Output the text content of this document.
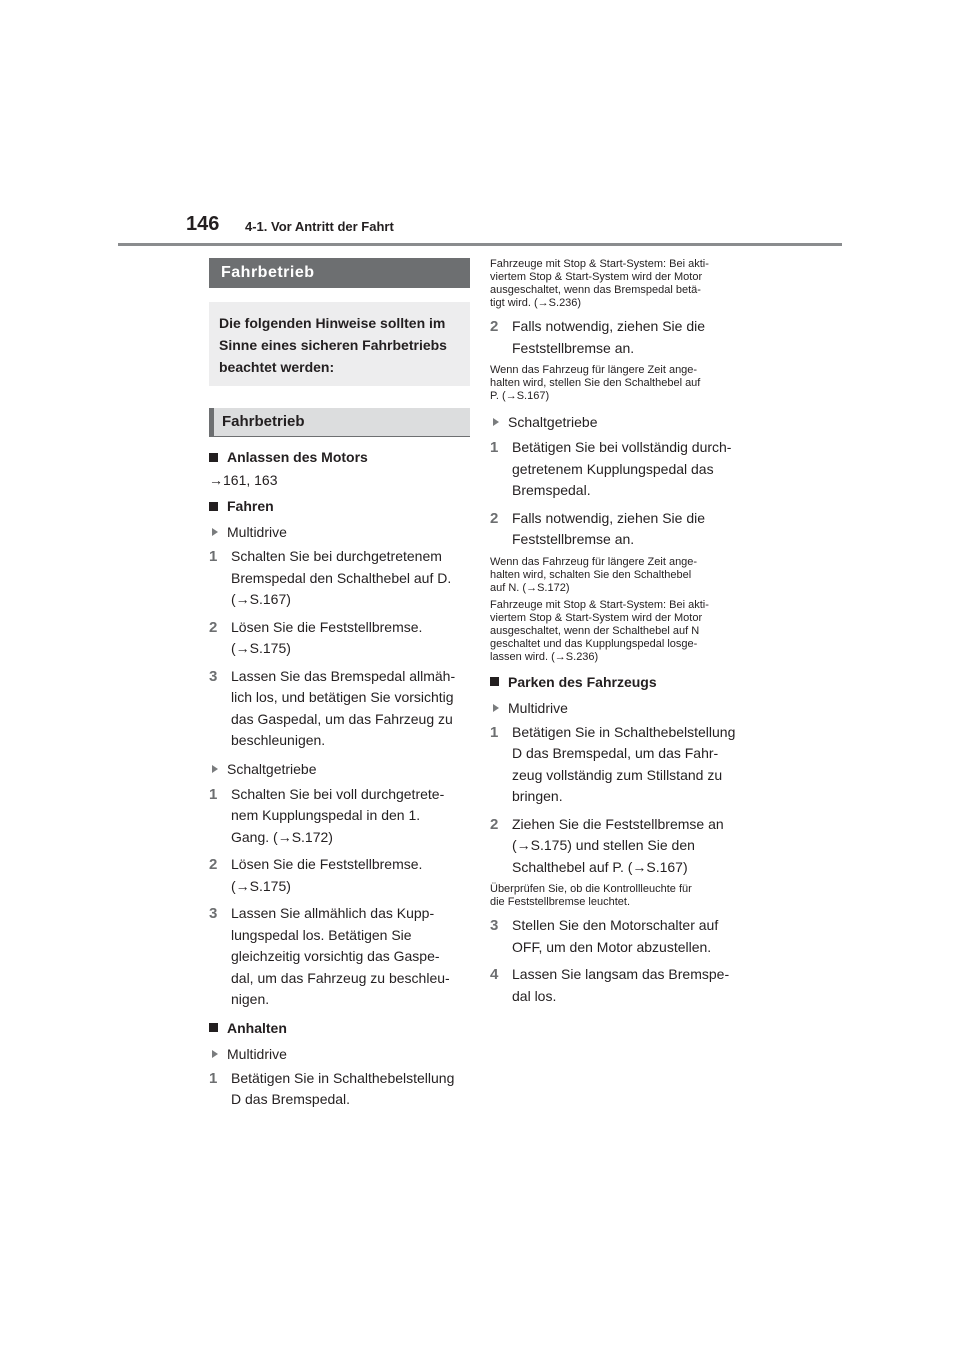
146 4-1. Vor Antritt der Fahrt
Fahrbetrieb
Die folgenden Hinweise sollten im
Sinne eines sicheren Fahrbetriebs
beachtet werden:
Fahrbetrieb
Anlassen des Motors
→161, 163
Fahren
Multidrive
1 Schalten Sie bei durchgetretenem
Bremspedal den Schalthebel auf D.
(→S.167)
2 Lösen Sie die Feststellbremse.
(→S.175)
3 Lassen Sie das Bremspedal allmäh-
lich los, und betätigen Sie vorsichtig
das Gaspedal, um das Fahrzeug zu
beschleunigen.
Schaltgetriebe
1 Schalten Sie bei voll durchgetrete-
nem Kupplungspedal in den 1.
Gang. (→S.172)
2 Lösen Sie die Feststellbremse.
(→S.175)
3 Lassen Sie allmählich das Kupp-
lungspedal los. Betätigen Sie
gleichzeitig vorsichtig das Gaspe-
dal, um das Fahrzeug zu beschleu-
nigen.
Anhalten
Multidrive
1 Betätigen Sie in Schalthebelstellung
D das Bremspedal.
Fahrzeuge mit Stop & Start-System: Bei akti-
viertem Stop & Start-System wird der Motor
ausgeschaltet, wenn das Bremspedal betä-
tigt wird. (→S.236)
2 Falls notwendig, ziehen Sie die
Feststellbremse an.
Wenn das Fahrzeug für längere Zeit ange-
halten wird, stellen Sie den Schalthebel auf
P. (→S.167)
Schaltgetriebe
1 Betätigen Sie bei vollständig durch-
getretenem Kupplungspedal das
Bremspedal.
2 Falls notwendig, ziehen Sie die
Feststellbremse an.
Wenn das Fahrzeug für längere Zeit ange-
halten wird, schalten Sie den Schalthebel
auf N. (→S.172)
Fahrzeuge mit Stop & Start-System: Bei akti-
viertem Stop & Start-System wird der Motor
ausgeschaltet, wenn der Schalthebel auf N
geschaltet und das Kupplungspedal losge-
lassen wird. (→S.236)
Parken des Fahrzeugs
Multidrive
1 Betätigen Sie in Schalthebelstellung
D das Bremspedal, um das Fahr-
zeug vollständig zum Stillstand zu
bringen.
2 Ziehen Sie die Feststellbremse an
(→S.175) und stellen Sie den
Schalthebel auf P. (→S.167)
Überprüfen Sie, ob die Kontrollleuchte für
die Feststellbremse leuchtet.
3 Stellen Sie den Motorschalter auf
OFF, um den Motor abzustellen.
4 Lassen Sie langsam das Bremspe-
dal los.
